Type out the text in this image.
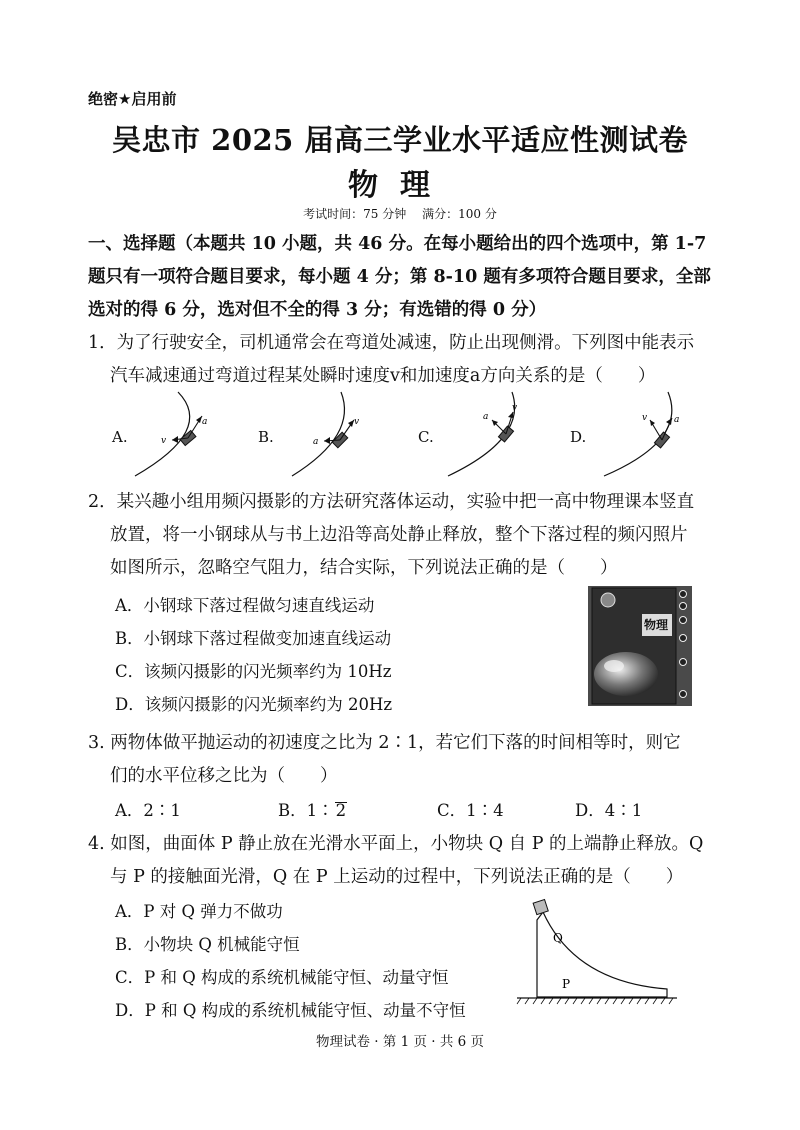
绝密★启用前
吴忠市 2025 届高三学业水平适应性测试卷
物理
考试时间：75 分钟 满分：100 分
一、选择题（本题共 10 小题，共 46 分。在每小题给出的四个选项中，第 1-7
题只有一项符合题目要求，每小题 4 分；第 8-10 题有多项符合题目要求，全部
选对的得 6 分，选对但不全的得 3 分；有选错的得 0 分）
1．为了行驶安全，司机通常会在弯道处减速，防止出现侧滑。下列图中能表示
汽车减速通过弯道过程某处瞬时速度v和加速度a方向关系的是（　　）
A.	B.	C.	D.
a
v
v
a
v
a	a
v
2．某兴趣小组用频闪摄影的方法研究落体运动，实验中把一高中物理课本竖直
放置，将一小钢球从与书上边沿等高处静止释放，整个下落过程的频闪照片
如图所示，忽略空气阻力，结合实际，下列说法正确的是（　　）
A．小钢球下落过程做匀速直线运动
B．小钢球下落过程做变加速直线运动
C．该频闪摄影的闪光频率约为 10Hz
D．该频闪摄影的闪光频率约为 20Hz
物理
3. 两物体做平抛运动的初速度之比为 2∶1，若它们下落的时间相等时，则它
们的水平位移之比为（　　）
A．2∶1	B．1∶ 2	C．1∶4	D．4∶1
4. 如图，曲面体 P 静止放在光滑水平面上，小物块 Q 自 P 的上端静止释放。Q
与 P 的接触面光滑，Q 在 P 上运动的过程中，下列说法正确的是（　　）
A．P 对 Q 弹力不做功
B．小物块 Q 机械能守恒
C．P 和 Q 构成的系统机械能守恒、动量守恒
D．P 和 Q 构成的系统机械能守恒、动量不守恒
Q
P
物理试卷 · 第 1 页 · 共 6 页
